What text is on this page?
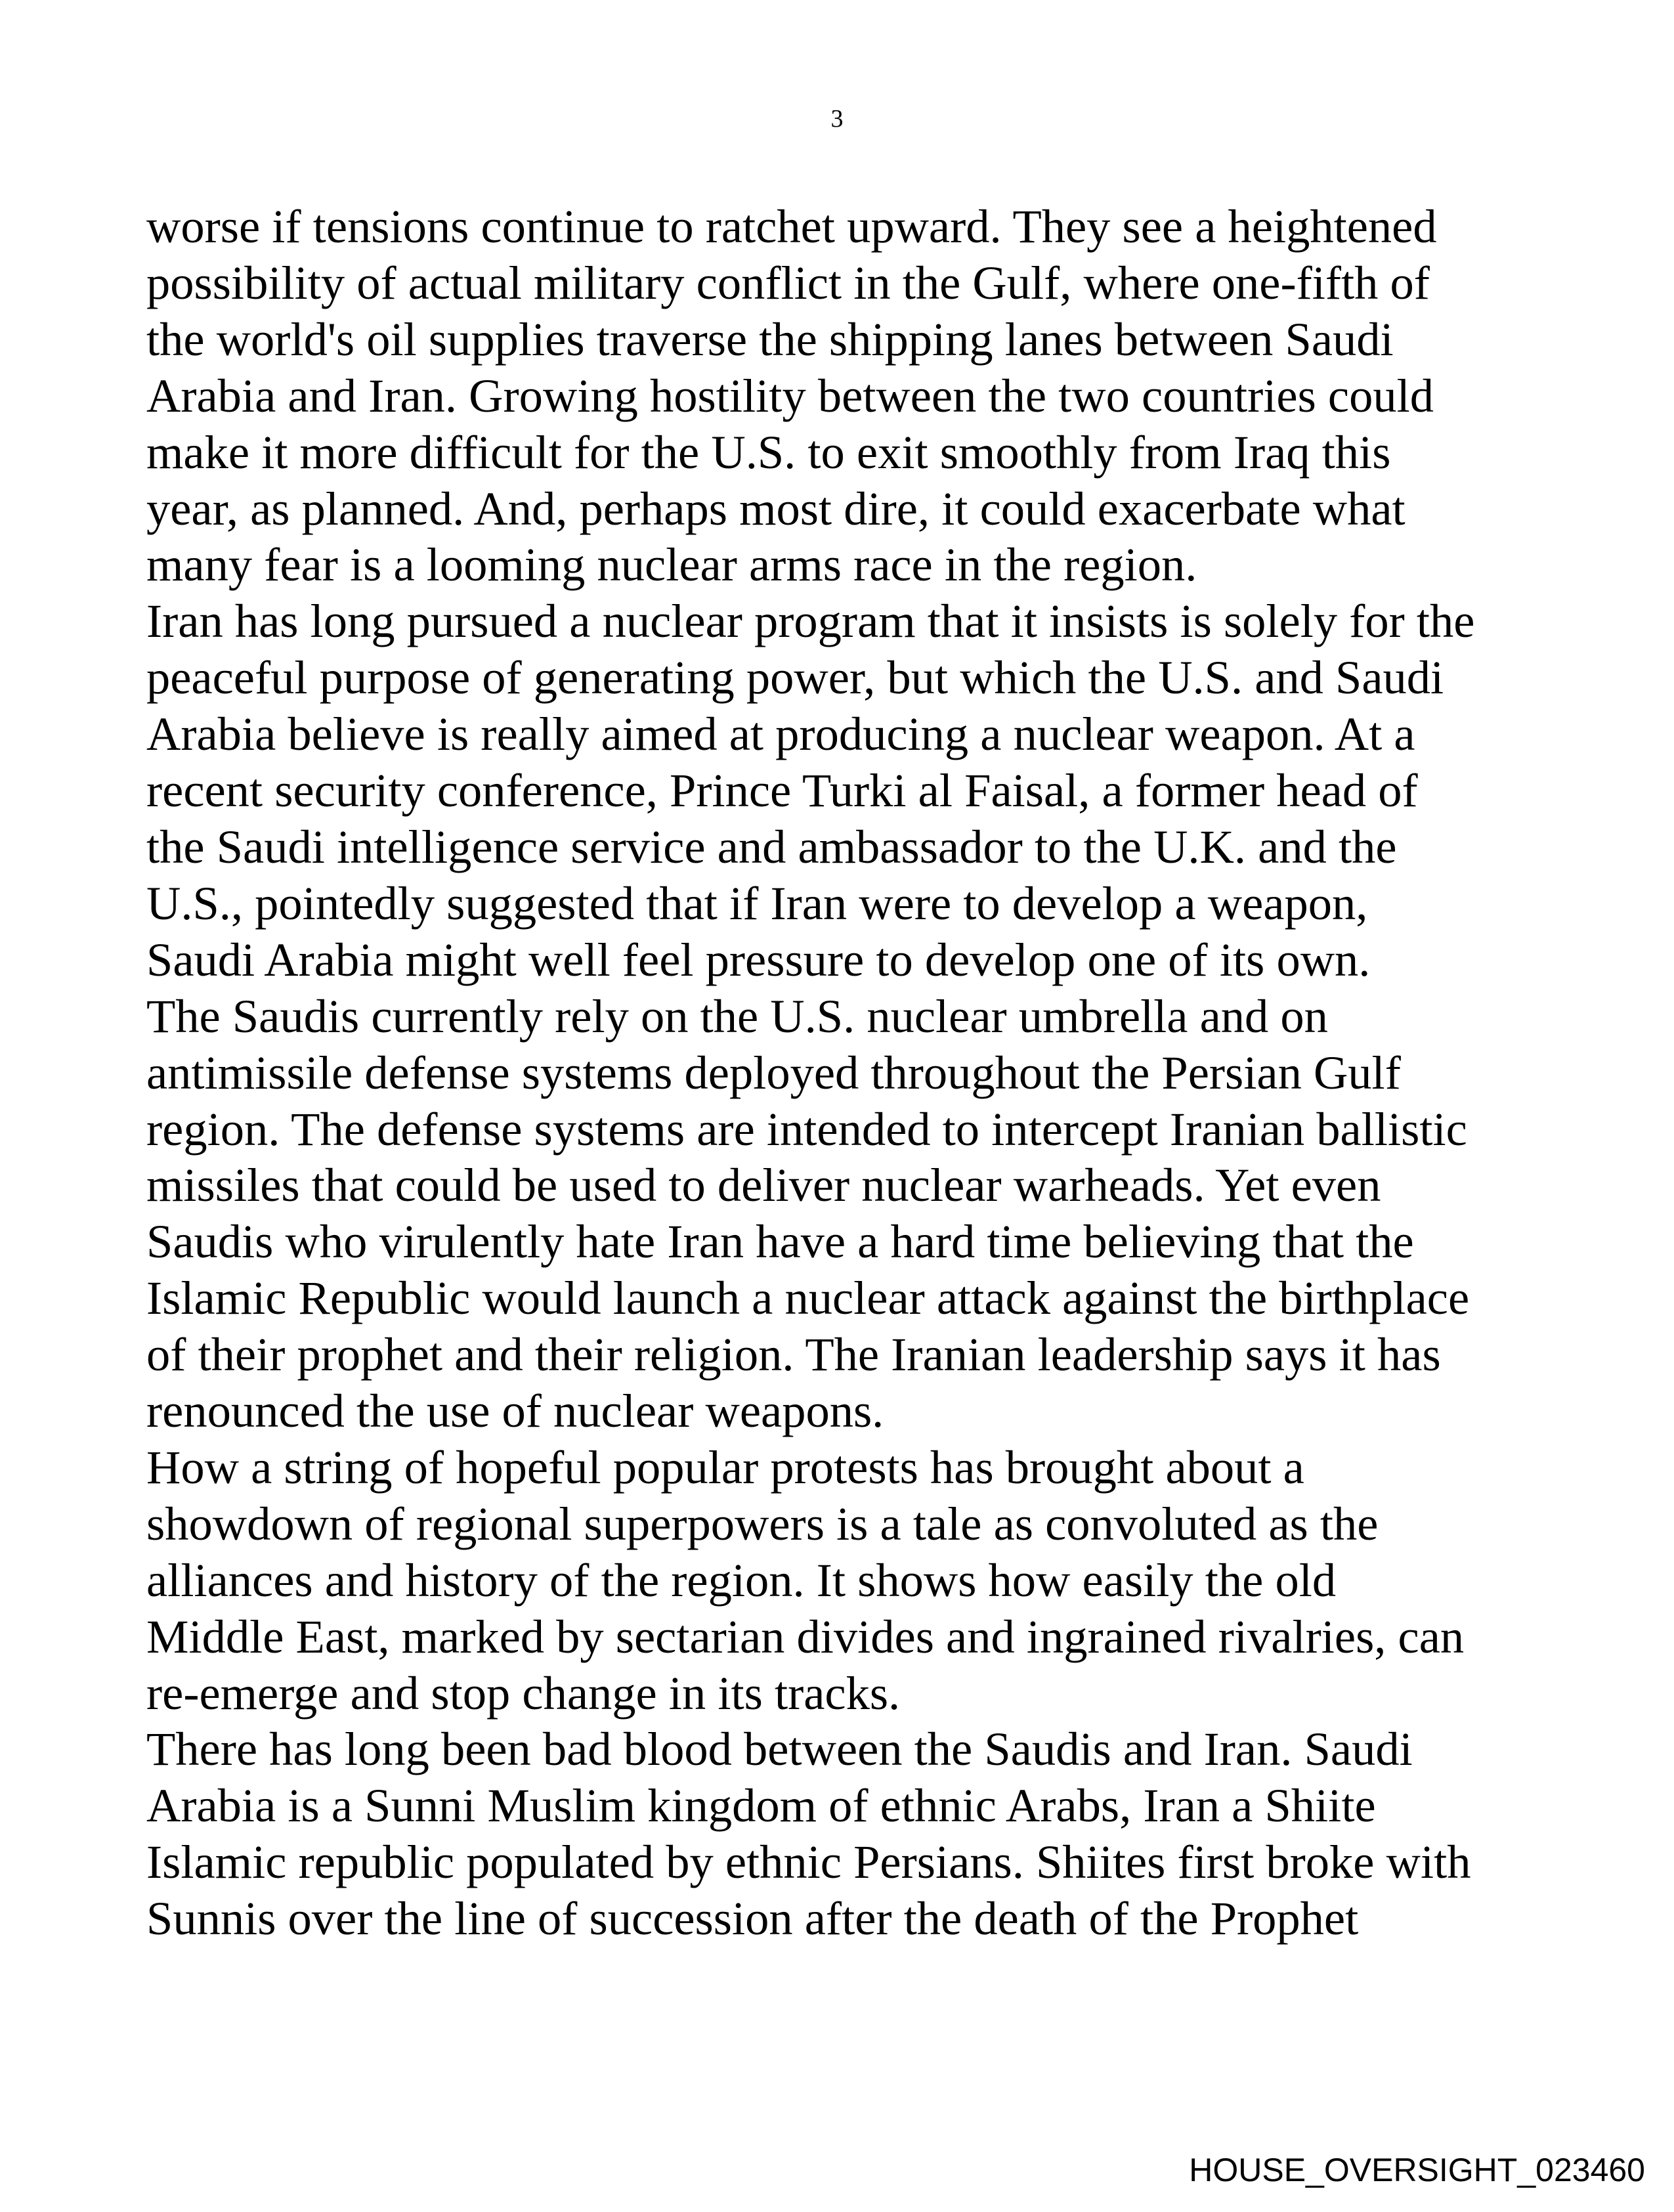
3
worse if tensions continue to ratchet upward. They see a heightened
possibility of actual military conflict in the Gulf, where one-fifth of
the world's oil supplies traverse the shipping lanes between Saudi
Arabia and Iran. Growing hostility between the two countries could
make it more difficult for the U.S. to exit smoothly from Iraq this
year, as planned. And, perhaps most dire, it could exacerbate what
many fear is a looming nuclear arms race in the region.
Iran has long pursued a nuclear program that it insists is solely for the
peaceful purpose of generating power, but which the U.S. and Saudi
Arabia believe is really aimed at producing a nuclear weapon. At a
recent security conference, Prince Turki al Faisal, a former head of
the Saudi intelligence service and ambassador to the U.K. and the
U.S., pointedly suggested that if Iran were to develop a weapon,
Saudi Arabia might well feel pressure to develop one of its own.
The Saudis currently rely on the U.S. nuclear umbrella and on
antimissile defense systems deployed throughout the Persian Gulf
region. The defense systems are intended to intercept Iranian ballistic
missiles that could be used to deliver nuclear warheads. Yet even
Saudis who virulently hate Iran have a hard time believing that the
Islamic Republic would launch a nuclear attack against the birthplace
of their prophet and their religion. The Iranian leadership says it has
renounced the use of nuclear weapons.
How a string of hopeful popular protests has brought about a
showdown of regional superpowers is a tale as convoluted as the
alliances and history of the region. It shows how easily the old
Middle East, marked by sectarian divides and ingrained rivalries, can
re-emerge and stop change in its tracks.
There has long been bad blood between the Saudis and Iran. Saudi
Arabia is a Sunni Muslim kingdom of ethnic Arabs, Iran a Shiite
Islamic republic populated by ethnic Persians. Shiites first broke with
Sunnis over the line of succession after the death of the Prophet
HOUSE_OVERSIGHT_023460
